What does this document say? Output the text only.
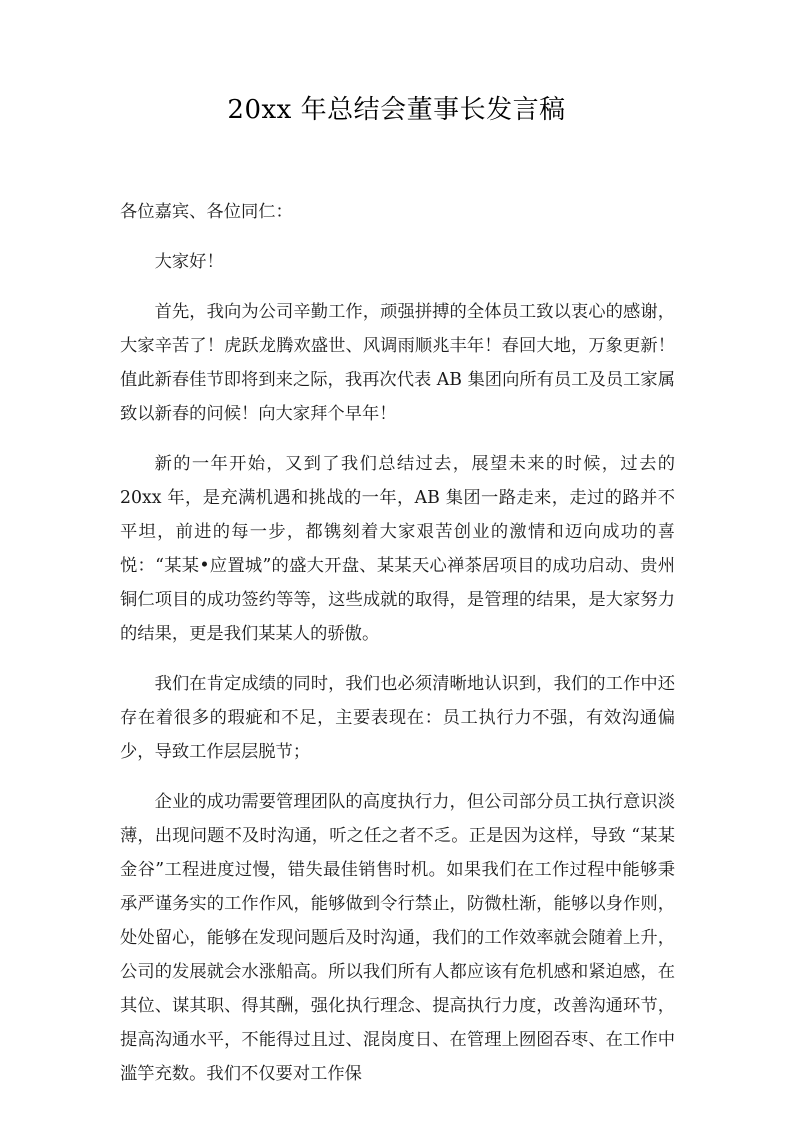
20xx 年总结会董事长发言稿

各位嘉宾、各位同仁：

大家好！

首先，我向为公司辛勤工作，顽强拼搏的全体员工致以衷心的感谢，大家辛苦了！虎跃龙腾欢盛世、风调雨顺兆丰年！春回大地，万象更新！值此新春佳节即将到来之际，我再次代表 AB 集团向所有员工及员工家属致以新春的问候！向大家拜个早年！

新的一年开始，又到了我们总结过去，展望未来的时候，过去的20xx 年，是充满机遇和挑战的一年，AB 集团一路走来，走过的路并不平坦，前进的每一步，都镌刻着大家艰苦创业的激情和迈向成功的喜悦：“某某•应置城”的盛大开盘、某某天心禅茶居项目的成功启动、贵州铜仁项目的成功签约等等，这些成就的取得，是管理的结果，是大家努力的结果，更是我们某某人的骄傲。

我们在肯定成绩的同时，我们也必须清晰地认识到，我们的工作中还存在着很多的瑕疵和不足，主要表现在：员工执行力不强，有效沟通偏少，导致工作层层脱节；

企业的成功需要管理团队的高度执行力，但公司部分员工执行意识淡薄，出现问题不及时沟通，听之任之者不乏。正是因为这样，导致 “某某金谷”工程进度过慢，错失最佳销售时机。如果我们在工作过程中能够秉承严谨务实的工作作风，能够做到令行禁止，防微杜渐，能够以身作则，处处留心，能够在发现问题后及时沟通，我们的工作效率就会随着上升，公司的发展就会水涨船高。所以我们所有人都应该有危机感和紧迫感，在其位、谋其职、得其酬，强化执行理念、提高执行力度，改善沟通环节，提高沟通水平，不能得过且过、混岗度日、在管理上囫囵吞枣、在工作中滥竽充数。我们不仅要对工作保
